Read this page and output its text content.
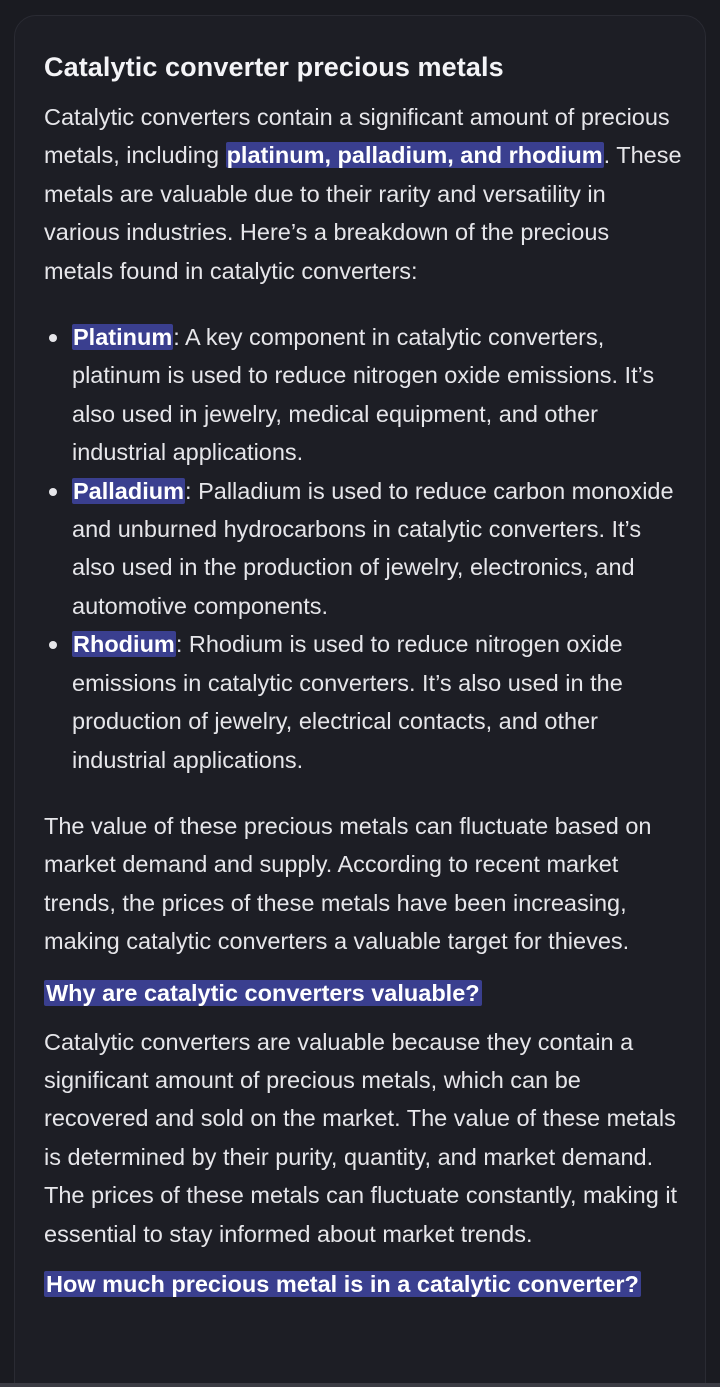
Catalytic converter precious metals

Catalytic converters contain a significant amount of precious metals, including platinum, palladium, and rhodium. These metals are valuable due to their rarity and versatility in various industries. Here’s a breakdown of the precious metals found in catalytic converters:

Platinum: A key component in catalytic converters, platinum is used to reduce nitrogen oxide emissions. It’s also used in jewelry, medical equipment, and other industrial applications.
Palladium: Palladium is used to reduce carbon monoxide and unburned hydrocarbons in catalytic converters. It’s also used in the production of jewelry, electronics, and automotive components.
Rhodium: Rhodium is used to reduce nitrogen oxide emissions in catalytic converters. It’s also used in the production of jewelry, electrical contacts, and other industrial applications.

The value of these precious metals can fluctuate based on market demand and supply. According to recent market trends, the prices of these metals have been increasing, making catalytic converters a valuable target for thieves.

Why are catalytic converters valuable?

Catalytic converters are valuable because they contain a significant amount of precious metals, which can be recovered and sold on the market. The value of these metals is determined by their purity, quantity, and market demand. The prices of these metals can fluctuate constantly, making it essential to stay informed about market trends.

How much precious metal is in a catalytic converter?
